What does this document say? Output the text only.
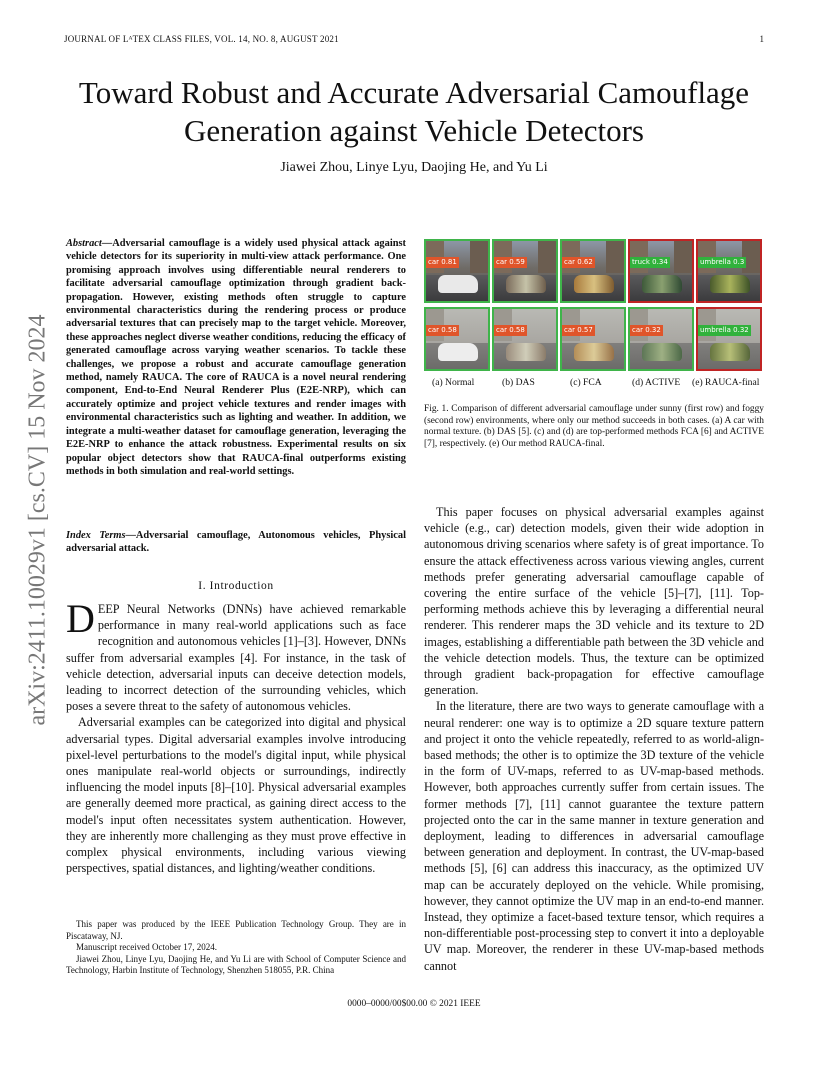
JOURNAL OF LᴬTEX CLASS FILES, VOL. 14, NO. 8, AUGUST 2021	1
Toward Robust and Accurate Adversarial Camouflage Generation against Vehicle Detectors
Jiawei Zhou, Linye Lyu, Daojing He, and Yu Li
arXiv:2411.10029v1 [cs.CV] 15 Nov 2024
Abstract—Adversarial camouflage is a widely used physical attack against vehicle detectors for its superiority in multi-view attack performance. One promising approach involves using differentiable neural renderers to facilitate adversarial camouflage optimization through gradient back-propagation. However, existing methods often struggle to capture environmental characteristics during the rendering process or produce adversarial textures that can precisely map to the target vehicle. Moreover, these approaches neglect diverse weather conditions, reducing the efficacy of generated camouflage across varying weather scenarios. To tackle these challenges, we propose a robust and accurate camouflage generation method, namely RAUCA. The core of RAUCA is a novel neural rendering component, End-to-End Neural Renderer Plus (E2E-NRP), which can accurately optimize and project vehicle textures and render images with environmental characteristics such as lighting and weather. In addition, we integrate a multi-weather dataset for camouflage generation, leveraging the E2E-NRP to enhance the attack robustness. Experimental results on six popular object detectors show that RAUCA-final outperforms existing methods in both simulation and real-world settings.
Index Terms—Adversarial camouflage, Autonomous vehicles, Physical adversarial attack.
I. Introduction

DEEP Neural Networks (DNNs) have achieved remarkable performance in many real-world applications such as face recognition and autonomous vehicles [1]–[3]. However, DNNs suffer from adversarial examples [4]. For instance, in the task of vehicle detection, adversarial inputs can deceive detection models, leading to incorrect detection of the surrounding vehicles, which poses a severe threat to the safety of autonomous vehicles.

Adversarial examples can be categorized into digital and physical adversarial types. Digital adversarial examples involve introducing pixel-level perturbations to the model's digital input, while physical ones manipulate real-world objects or surroundings, indirectly influencing the model inputs [8]–[10]. Physical adversarial examples are generally deemed more practical, as gaining direct access to the model's input often necessitates system authentication. However, they are inherently more challenging as they must prove effective in complex physical environments, including various viewing perspectives, spatial distances, and lighting/weather conditions.

This paper was produced by the IEEE Publication Technology Group. They are in Piscataway, NJ.

Manuscript received October 17, 2024.

Jiawei Zhou, Linye Lyu, Daojing He, and Yu Li are with School of Computer Science and Technology, Harbin Institute of Technology, Shenzhen 518055, P.R. China

car 0.81	car 0.59	car 0.62	truck 0.34	umbrella 0.3
car 0.58	car 0.58	car 0.57	car 0.32	umbrella 0.32
(a) Normal	(b) DAS	(c) FCA	(d) ACTIVE (e) RAUCA-final
Fig. 1. Comparison of different adversarial camouflage under sunny (first row) and foggy (second row) environments, where only our method succeeds in both cases. (a) A car with normal texture. (b) DAS [5]. (c) and (d) are top-performed methods FCA [6] and ACTIVE [7], respectively. (e) Our method RAUCA-final.

This paper focuses on physical adversarial examples against vehicle (e.g., car) detection models, given their wide adoption in autonomous driving scenarios where safety is of great importance. To ensure the attack effectiveness across various viewing angles, current methods prefer generating adversarial camouflage capable of covering the entire surface of the vehicle [5]–[7], [11]. Top-performing methods achieve this by leveraging a differential neural renderer. This renderer maps the 3D vehicle and its texture to 2D images, establishing a differentiable path between the 3D vehicle and the vehicle detection models. Thus, the texture can be optimized through gradient back-propagation for effective camouflage generation.

In the literature, there are two ways to generate camouflage with a neural renderer: one way is to optimize a 2D square texture pattern and project it onto the vehicle repeatedly, referred to as world-align-based methods; the other is to optimize the 3D texture of the vehicle in the form of UV-maps, referred to as UV-map-based methods. However, both approaches currently suffer from certain issues. The former methods [7], [11] cannot guarantee the texture pattern projected onto the car in the same manner in texture generation and deployment, leading to differences in adversarial camouflage between generation and deployment. In contrast, the UV-map-based methods [5], [6] can address this inaccuracy, as the optimized UV map can be accurately deployed on the vehicle. While promising, however, they cannot optimize the UV map in an end-to-end manner. Instead, they optimize a facet-based texture tensor, which requires a non-differentiable post-processing step to convert it into a deployable UV map. Moreover, the renderer in these UV-map-based methods cannot

0000–0000/00$00.00 © 2021 IEEE
